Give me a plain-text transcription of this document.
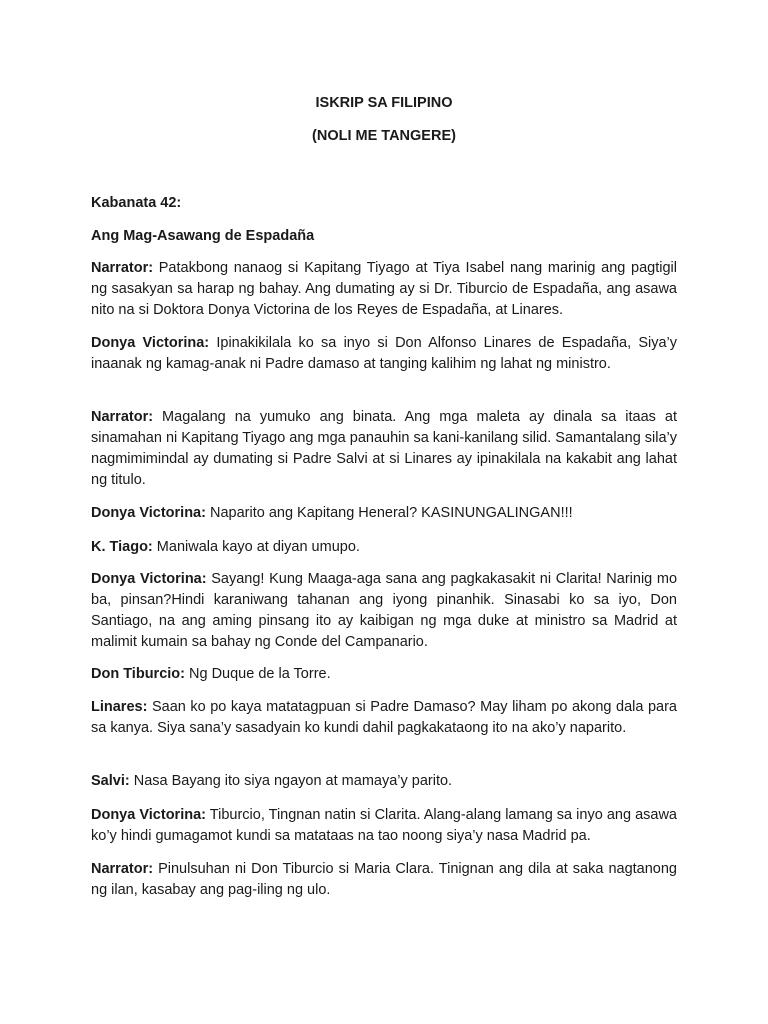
ISKRIP SA FILIPINO
(NOLI ME TANGERE)
Kabanata 42:
Ang Mag-Asawang de Espadaña
Narrator: Patakbong nanaog si Kapitang Tiyago at Tiya Isabel nang marinig ang pagtigil ng sasakyan sa harap ng bahay. Ang dumating ay si Dr. Tiburcio de Espadaña, ang asawa nito na si Doktora Donya Victorina de los Reyes de Espadaña, at Linares.
Donya Victorina: Ipinakikilala ko sa inyo si Don Alfonso Linares de Espadaña, Siya’y inaanak ng kamag-anak ni Padre damaso at tanging kalihim ng lahat ng ministro.
Narrator: Magalang na yumuko ang binata. Ang mga maleta ay dinala sa itaas at sinamahan ni Kapitang Tiyago ang mga panauhin sa kani-kanilang silid. Samantalang sila’y nagmimimindal ay dumating si Padre Salvi at si Linares ay ipinakilala na kakabit ang lahat ng titulo.
Donya Victorina: Naparito ang Kapitang Heneral? KASINUNGALINGAN!!!
K. Tiago: Maniwala kayo at diyan umupo.
Donya Victorina: Sayang! Kung Maaga-aga sana ang pagkakasakit ni Clarita! Narinig mo ba, pinsan?Hindi karaniwang tahanan ang iyong pinanhik. Sinasabi ko sa iyo, Don Santiago, na ang aming pinsang ito ay kaibigan ng mga duke at ministro sa Madrid at malimit kumain sa bahay ng Conde del Campanario.
Don Tiburcio: Ng Duque de la Torre.
Linares: Saan ko po kaya matatagpuan si Padre Damaso? May liham po akong dala para sa kanya. Siya sana’y sasadyain ko kundi dahil pagkakataong ito na ako’y naparito.
Salvi: Nasa Bayang ito siya ngayon at mamaya’y parito.
Donya Victorina: Tiburcio, Tingnan natin si Clarita. Alang-alang lamang sa inyo ang asawa ko’y hindi gumagamot kundi sa matataas na tao noong siya’y nasa Madrid pa.
Narrator: Pinulsuhan ni Don Tiburcio si Maria Clara. Tinignan ang dila at saka nagtanong ng ilan, kasabay ang pag-iling ng ulo.
